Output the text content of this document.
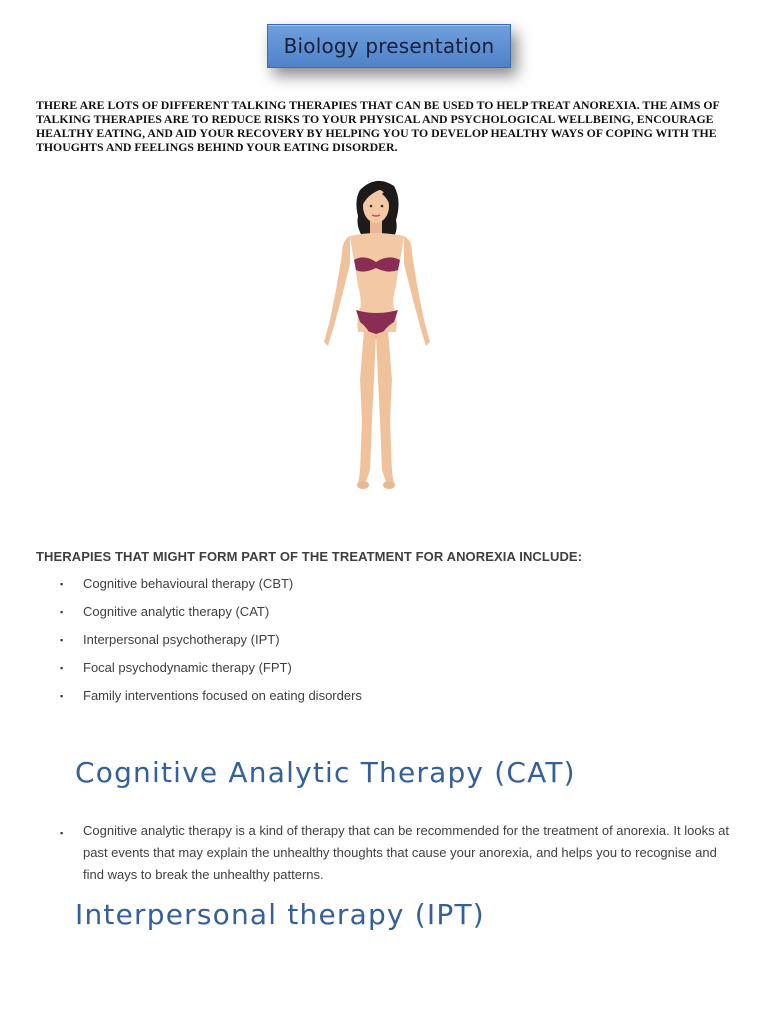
Biology presentation

THERE ARE LOTS OF DIFFERENT TALKING THERAPIES THAT CAN BE USED TO HELP TREAT ANOREXIA. THE AIMS OF TALKING THERAPIES ARE TO REDUCE RISKS TO YOUR PHYSICAL AND PSYCHOLOGICAL WELLBEING, ENCOURAGE HEALTHY EATING, AND AID YOUR RECOVERY BY HELPING YOU TO DEVELOP HEALTHY WAYS OF COPING WITH THE THOUGHTS AND FEELINGS BEHIND YOUR EATING DISORDER.

THERAPIES THAT MIGHT FORM PART OF THE TREATMENT FOR ANOREXIA INCLUDE:
▪ Cognitive behavioural therapy (CBT)
▪ Cognitive analytic therapy (CAT)
▪ Interpersonal psychotherapy (IPT)
▪ Focal psychodynamic therapy (FPT)
▪ Family interventions focused on eating disorders
Cognitive Analytic Therapy (CAT)
▪ Cognitive analytic therapy is a kind of therapy that can be recommended for the treatment of anorexia. It looks at past events that may explain the unhealthy thoughts that cause your anorexia, and helps you to recognise and find ways to break the unhealthy patterns.

Interpersonal therapy (IPT)
